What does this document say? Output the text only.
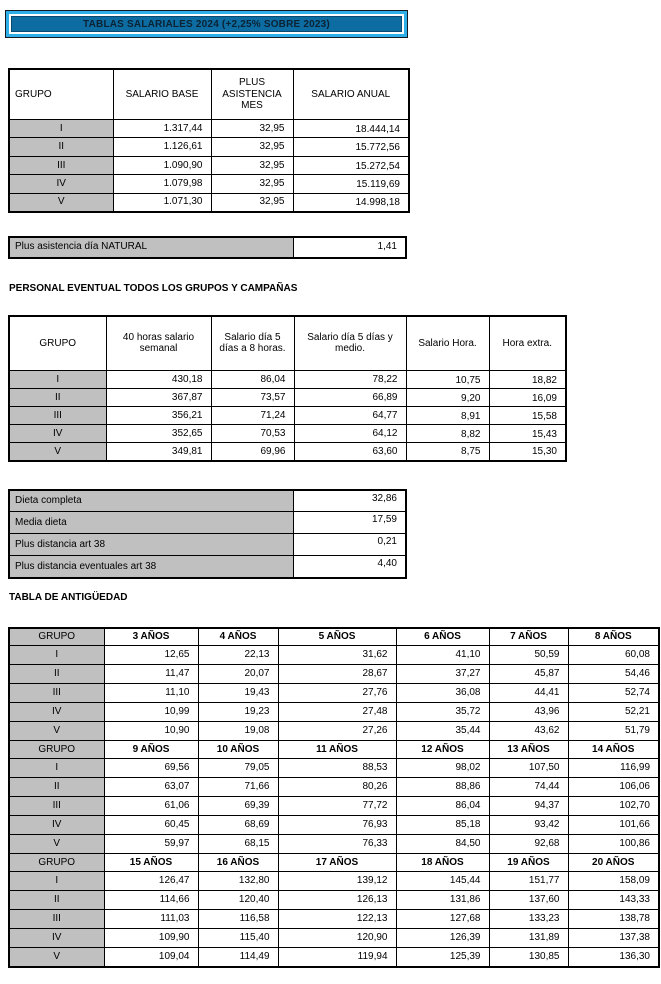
TABLAS SALARIALES 2024 (+2,25% SOBRE 2023)
GRUPO	SALARIO BASE	PLUS ASISTENCIA MES	SALARIO ANUAL
I	1.317,44	32,95	18.444,14
II	1.126,61	32,95	15.772,56
III	1.090,90	32,95	15.272,54
IV	1.079,98	32,95	15.119,69
V	1.071,30	32,95	14.998,18
Plus asistencia día NATURAL	1,41
PERSONAL EVENTUAL TODOS LOS GRUPOS Y CAMPAÑAS
GRUPO	40 horas salario semanal	Salario día 5 días a 8 horas.	Salario día 5 días y medio.	Salario Hora.	Hora extra.
I	430,18	86,04	78,22	10,75	18,82
II	367,87	73,57	66,89	9,20	16,09
III	356,21	71,24	64,77	8,91	15,58
IV	352,65	70,53	64,12	8,82	15,43
V	349,81	69,96	63,60	8,75	15,30
Dieta completa	32,86
Media dieta	17,59
Plus distancia art 38	0,21
Plus distancia eventuales art 38	4,40
TABLA DE ANTIGÜEDAD
GRUPO	3 AÑOS	4 AÑOS	5 AÑOS	6 AÑOS	7 AÑOS	8 AÑOS
I	12,65	22,13	31,62	41,10	50,59	60,08
II	11,47	20,07	28,67	37,27	45,87	54,46
III	11,10	19,43	27,76	36,08	44,41	52,74
IV	10,99	19,23	27,48	35,72	43,96	52,21
V	10,90	19,08	27,26	35,44	43,62	51,79
GRUPO	9 AÑOS	10 AÑOS	11 AÑOS	12 AÑOS	13 AÑOS	14 AÑOS
I	69,56	79,05	88,53	98,02	107,50	116,99
II	63,07	71,66	80,26	88,86	74,44	106,06
III	61,06	69,39	77,72	86,04	94,37	102,70
IV	60,45	68,69	76,93	85,18	93,42	101,66
V	59,97	68,15	76,33	84,50	92,68	100,86
GRUPO	15 AÑOS	16 AÑOS	17 AÑOS	18 AÑOS	19 AÑOS	20 AÑOS
I	126,47	132,80	139,12	145,44	151,77	158,09
II	114,66	120,40	126,13	131,86	137,60	143,33
III	111,03	116,58	122,13	127,68	133,23	138,78
IV	109,90	115,40	120,90	126,39	131,89	137,38
V	109,04	114,49	119,94	125,39	130,85	136,30
